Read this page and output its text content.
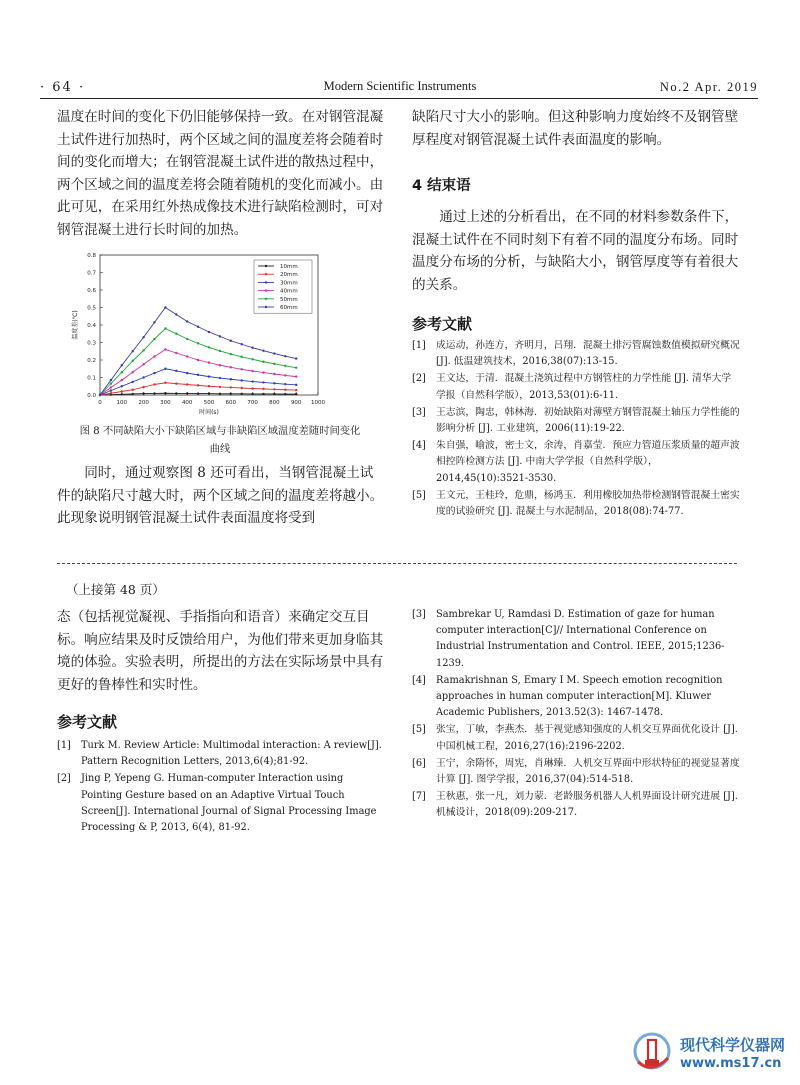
· 64 ·	Modern Scientific Instruments	No.2 Apr. 2019
温度在时间的变化下仍旧能够保持一致。在对钢管混凝土试件进行加热时，两个区域之间的温度差将会随着时间的变化而增大；在钢管混凝土试件进的散热过程中，两个区域之间的温度差将会随着随机的变化而减小。由此可见，在采用红外热成像技术进行缺陷检测时，可对钢管混凝土进行长时间的加热。
0	100 200 300 400 500 600 700 800 900 1000
0.0
0.1
0.2
0.3
0.4
0.5
0.6
0.7
0.8
时间(s)
温度差(℃)
10mm
20mm
30mm
40mm
50mm
60mm
图 8 不同缺陷大小下缺陷区域与非缺陷区域温度差随时间变化
曲线
同时，通过观察图 8 还可看出，当钢管混凝土试件的缺陷尺寸越大时，两个区域之间的温度差将越小。此现象说明钢管混凝土试件表面温度将受到
缺陷尺寸大小的影响。但这种影响力度始终不及钢管壁厚程度对钢管混凝土试件表面温度的影响。
4 结束语
通过上述的分析看出，在不同的材料参数条件下，混凝土试件在不同时刻下有着不同的温度分布场。同时温度分布场的分析，与缺陷大小，钢管厚度等有着很大的关系。
参考文献
[1] 成运动，孙连方，齐明月，吕翔．混凝土排污管腐蚀数值模拟研究概况 [J]. 低温建筑技术，2016,38(07):13-15.
[2] 王文达，于清．混凝土浇筑过程中方钢管柱的力学性能 [J]. 清华大学学报（自然科学版），2013,53(01):6-11.
[3] 王志滨，陶忠，韩林海．初始缺陷对薄壁方钢管混凝土轴压力学性能的影响分析 [J]. 工业建筑，2006(11):19-22.
[4] 朱自强，喻波，密士文，余涛，肖嘉莹．预应力管道压浆质量的超声波相控阵检测方法 [J]. 中南大学学报（自然科学版），2014,45(10):3521-3530.
[5] 王文元，王桂玲，危鼎，杨鸿玉．利用橡胶加热带检测钢管混凝土密实度的试验研究 [J]. 混凝土与水泥制品，2018(08):74-77.
（上接第 48 页）
态（包括视觉凝视、手指指向和语音）来确定交互目标。响应结果及时反馈给用户，为他们带来更加身临其境的体验。实验表明，所提出的方法在实际场景中具有更好的鲁棒性和实时性。
参考文献
[1] Turk M. Review Article: Multimodal interaction: A review[J]. Pattern Recognition Letters, 2013,6(4);81-92.
[2] Jing P, Yepeng G. Human-computer Interaction using Pointing Gesture based on an Adaptive Virtual Touch Screen[J]. International Journal of Signal Processing Image Processing & P, 2013, 6(4), 81-92.
[3] Sambrekar U, Ramdasi D. Estimation of gaze for human computer interaction[C]// International Conference on Industrial Instrumentation and Control. IEEE, 2015;1236-1239.
[4] Ramakrishnan S, Emary I M. Speech emotion recognition approaches in human computer interaction[M]. Kluwer Academic Publishers, 2013.52(3): 1467-1478.
[5] 张宝，丁敏，李燕杰．基于视觉感知强度的人机交互界面优化设计 [J]. 中国机械工程，2016,27(16):2196-2202.
[6] 王宁，余隋怀，周宪，肖琳臻．人机交互界面中形状特征的视觉显著度计算 [J]. 图学学报，2016,37(04):514-518.
[7] 王秋惠，张一凡，刘力蒙．老龄服务机器人人机界面设计研究进展 [J]. 机械设计，2018(09):209-217.
现代科学仪器网
www.ms17.cn
